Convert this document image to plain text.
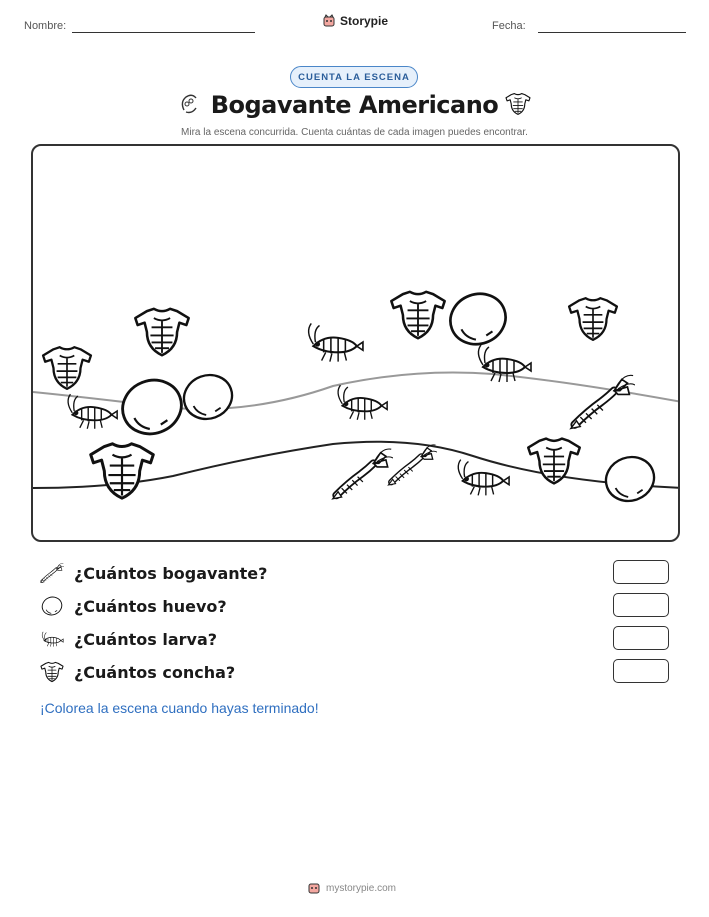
Nombre:	Storypie	Fecha:
CUENTA LA ESCENA
Bogavante Americano
Mira la escena concurrida. Cuenta cuántas de cada imagen puedes encontrar.
¿Cuántos bogavante?
¿Cuántos huevo?
¿Cuántos larva?
¿Cuántos concha?
¡Colorea la escena cuando hayas terminado!
mystorypie.com
